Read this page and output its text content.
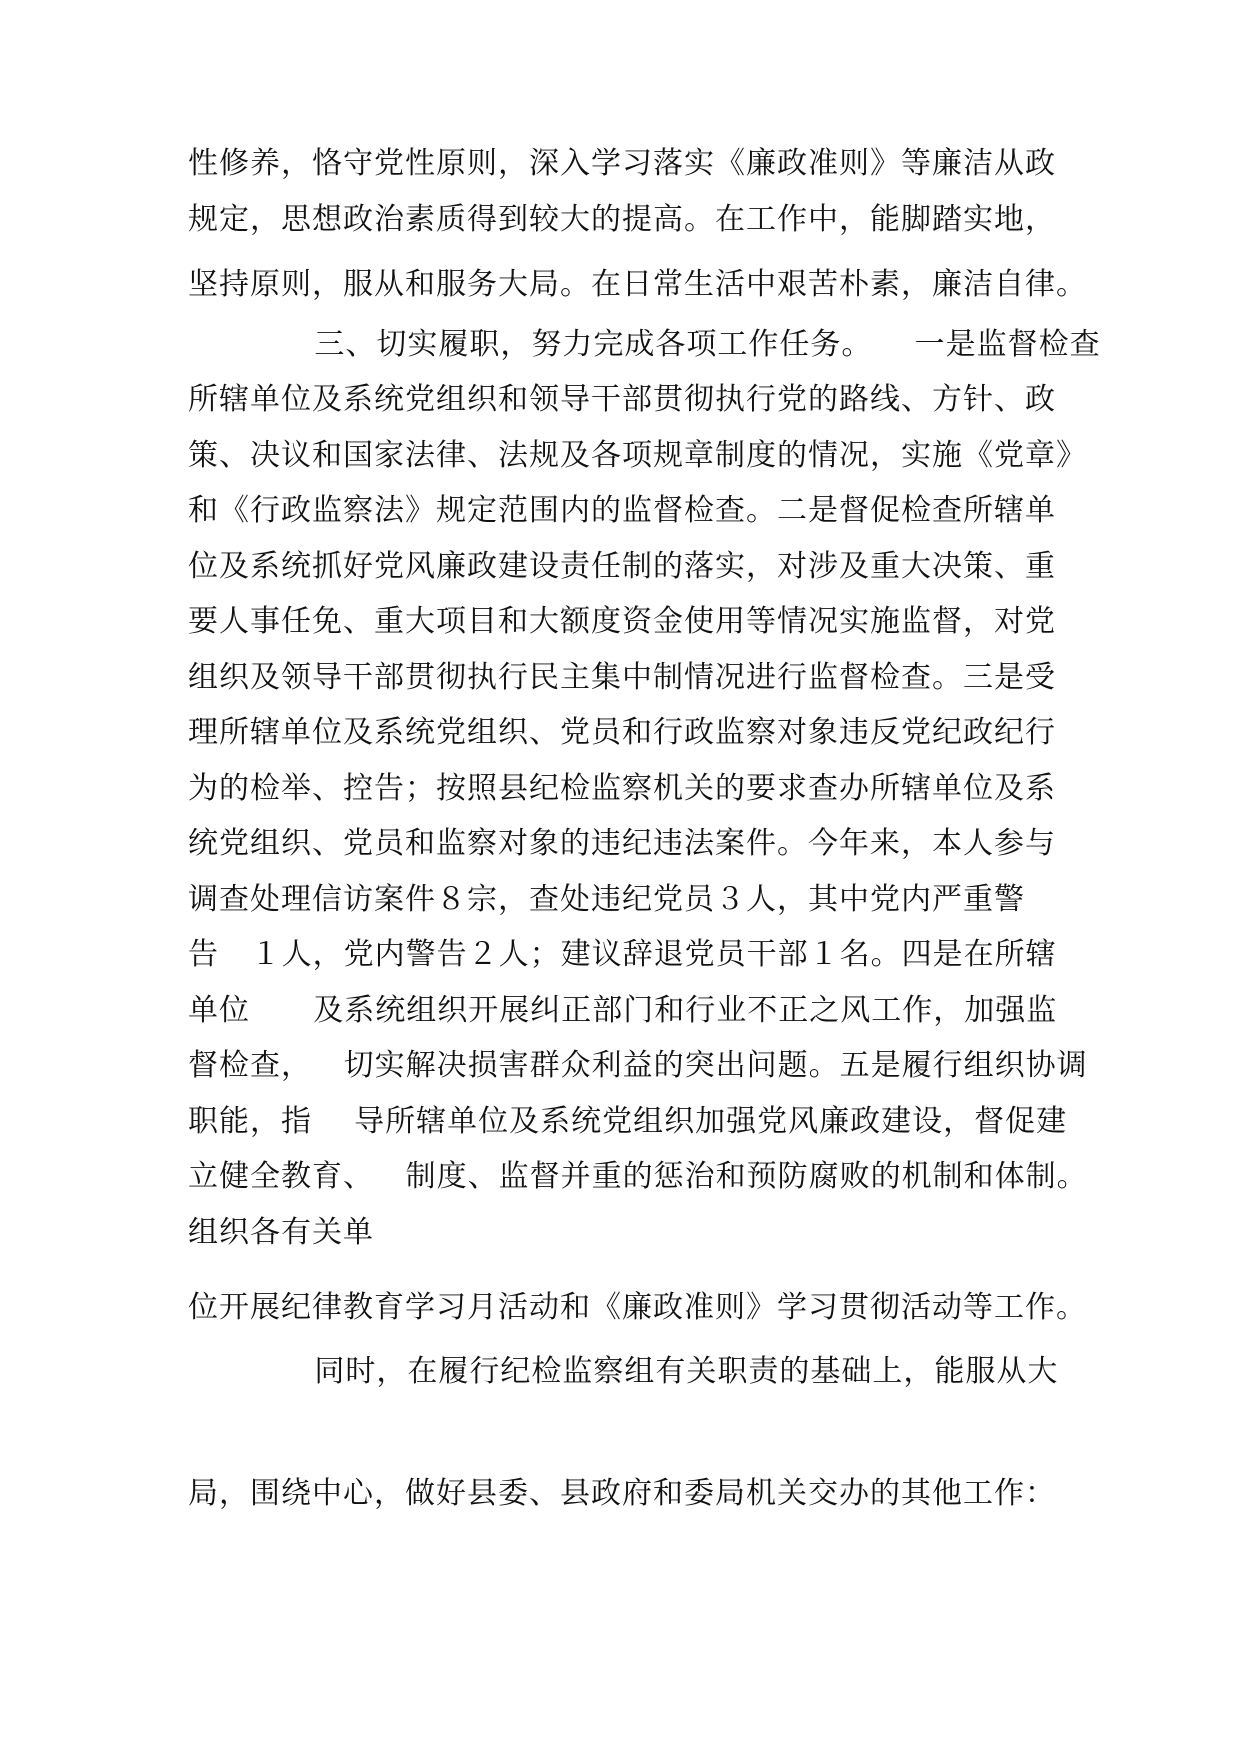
性修养，恪守党性原则，深入学习落实《廉政准则》等廉洁从政
规定，思想政治素质得到较大的提高。在工作中，能脚踏实地，
坚持原则，服从和服务大局。在日常生活中艰苦朴素，廉洁自律。
三、切实履职，努力完成各项工作任务。    一是监督检查
所辖单位及系统党组织和领导干部贯彻执行党的路线、方针、政
策、决议和国家法律、法规及各项规章制度的情况，实施《党章》
和《行政监察法》规定范围内的监督检查。二是督促检查所辖单
位及系统抓好党风廉政建设责任制的落实，对涉及重大决策、重
要人事任免、重大项目和大额度资金使用等情况实施监督，对党
组织及领导干部贯彻执行民主集中制情况进行监督检查。三是受
理所辖单位及系统党组织、党员和行政监察对象违反党纪政纪行
为的检举、控告；按照县纪检监察机关的要求查办所辖单位及系
统党组织、党员和监察对象的违纪违法案件。今年来，本人参与
调查处理信访案件８宗，查处违纪党员３人，其中党内严重警
告   １人，党内警告２人；建议辞退党员干部１名。四是在所辖
单位      及系统组织开展纠正部门和行业不正之风工作，加强监
督检查，   切实解决损害群众利益的突出问题。五是履行组织协调
职能，指    导所辖单位及系统党组织加强党风廉政建设，督促建
立健全教育、   制度、监督并重的惩治和预防腐败的机制和体制。
组织各有关单
位开展纪律教育学习月活动和《廉政准则》学习贯彻活动等工作。
同时，在履行纪检监察组有关职责的基础上，能服从大
局，围绕中心，做好县委、县政府和委局机关交办的其他工作：
